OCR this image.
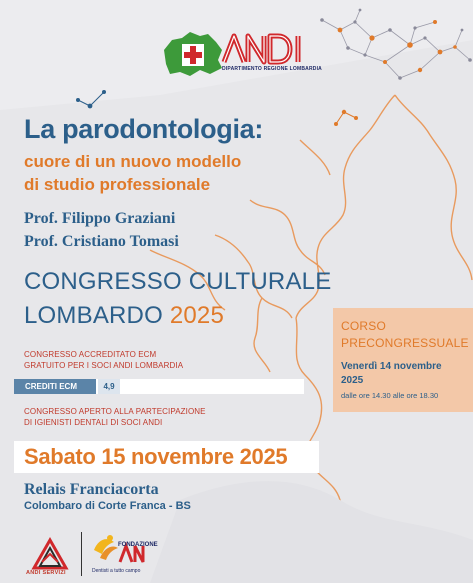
DIPARTIMENTO REGIONE LOMBARDIA
La parodontologia:
cuore di un nuovo modello
di studio professionale
Prof. Filippo Graziani
Prof. Cristiano Tomasi
CONGRESSO CULTURALE
LOMBARDO 2025
CONGRESSO ACCREDITATO ECM
GRATUITO PER I SOCI ANDI LOMBARDIA
CREDITI ECM	4,9
CONGRESSO APERTO ALLA PARTECIPAZIONE
DI IGIENISTI DENTALI DI SOCI ANDI
Sabato 15 novembre 2025
Relais Franciacorta
Colombaro di Corte Franca - BS
CORSO
PRECONGRESSUALE
Venerdì 14 novembre
2025
dalle ore 14.30 alle ore 18.30
ANDI SERVIZI
FONDAZIONE
Dentisti a tutto campo
